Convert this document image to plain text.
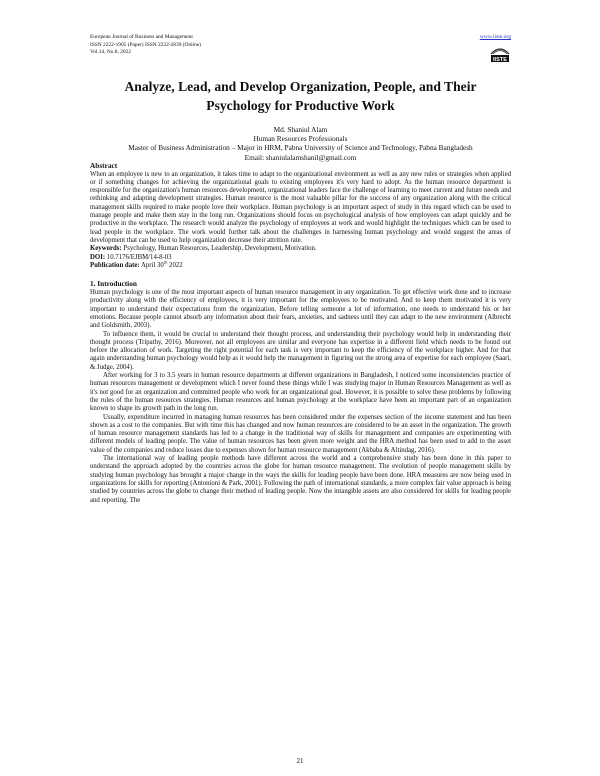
European Journal of Business and Management
ISSN 2222-1905 (Paper) ISSN 2222-2839 (Online)
Vol.14, No.8, 2022
www.iiste.org
IISTE
Analyze, Lead, and Develop Organization, People, and Their
Psychology for Productive Work
Md. Shaniul Alam
Human Resources Professionals
Master of Business Administration – Major in HRM, Pabna University of Science and Technology, Pabna Bangladesh
Email: shaniulalamshanil@gmail.com
Abstract

When an employee is new to an organization, it takes time to adapt to the organizational environment as well as any new rules or strategies when applied or if something changes for achieving the organizational goals to existing employees it's very hard to adopt. As the human resource department is responsible for the organization's human resources development, organizational leaders face the challenge of learning to meet current and future needs and rethinking and adapting development strategies. Human resource is the most valuable pillar for the success of any organization along with the critical management skills required to make people love their workplace. Human psychology is an important aspect of study in this regard which can be used to manage people and make them stay in the long run. Organizations should focus on psychological analysis of how employees can adapt quickly and be productive in the workplace. The research would analyze the psychology of employees at work and would highlight the techniques which can be used to lead people in the workplace. The work would further talk about the challenges in harnessing human psychology and would suggest the areas of development that can be used to help organization decrease their attrition rate.

Keywords: Psychology, Human Resources, Leadership, Development, Motivation.
DOI: 10.7176/EJBM/14-8-03
Publication date: April 30th 2022
1. Introduction

Human psychology is one of the most important aspects of human resource management in any organization. To get effective work done and to increase productivity along with the efficiency of employees, it is very important for the employees to be motivated. And to keep them motivated it is very important to understand their expectations from the organization. Before telling someone a lot of information, one needs to understand his or her emotions. Because people cannot absorb any information about their fears, anxieties, and sadness until they can adapt to the new environment (Albrecht and Goldsmith, 2003).

To influence them, it would be crucial to understand their thought process, and understanding their psychology would help in understanding their thought process (Tripathy, 2016). Moreover, not all employees are similar and everyone has expertise in a different field which needs to be found out before the allocation of work. Targeting the right potential for each task is very important to keep the efficiency of the workplace higher. And for that again understanding human psychology would help as it would help the management in figuring out the strong area of expertise for each employee (Saari, & Judge, 2004).

After working for 3 to 3.5 years in human resource departments at different organizations in Bangladesh, I noticed some inconsistencies practice of human resources management or development which I never found these things while I was studying major in Human Resources Management as well as it's not good for an organization and committed people who work for an organizational goal. However, it is possible to solve these problems by following the rules of the human resources strategies. Human resources and human psychology at the workplace have been an important part of an organization known to shape its growth path in the long run.

Usually, expenditure incurred in managing human resources has been considered under the expenses section of the income statement and has been shown as a cost to the companies. But with time this has changed and now human resources are considered to be an asset in the organization. The growth of human resource management standards has led to a change in the traditional way of skills for management and companies are experimenting with different models of leading people. The value of human resources has been given more weight and the HRA method has been used to add to the asset value of the companies and reduce losses due to expenses shown for human resource management (Akbaba & Altindag, 2016).

The international way of leading people methods have different across the world and a comprehensive study has been done in this paper to understand the approach adopted by the countries across the globe for human resource management. The evolution of people management skills by studying human psychology has brought a major change in the ways the skills for leading people have been done. HRA measures are now being used in organizations for skills for reporting (Antonioni & Park, 2001). Following the path of international standards, a more complex fair value approach is being studied by countries across the globe to change their method of leading people. Now the intangible assets are also considered for skills for leading people and reporting. The

21
